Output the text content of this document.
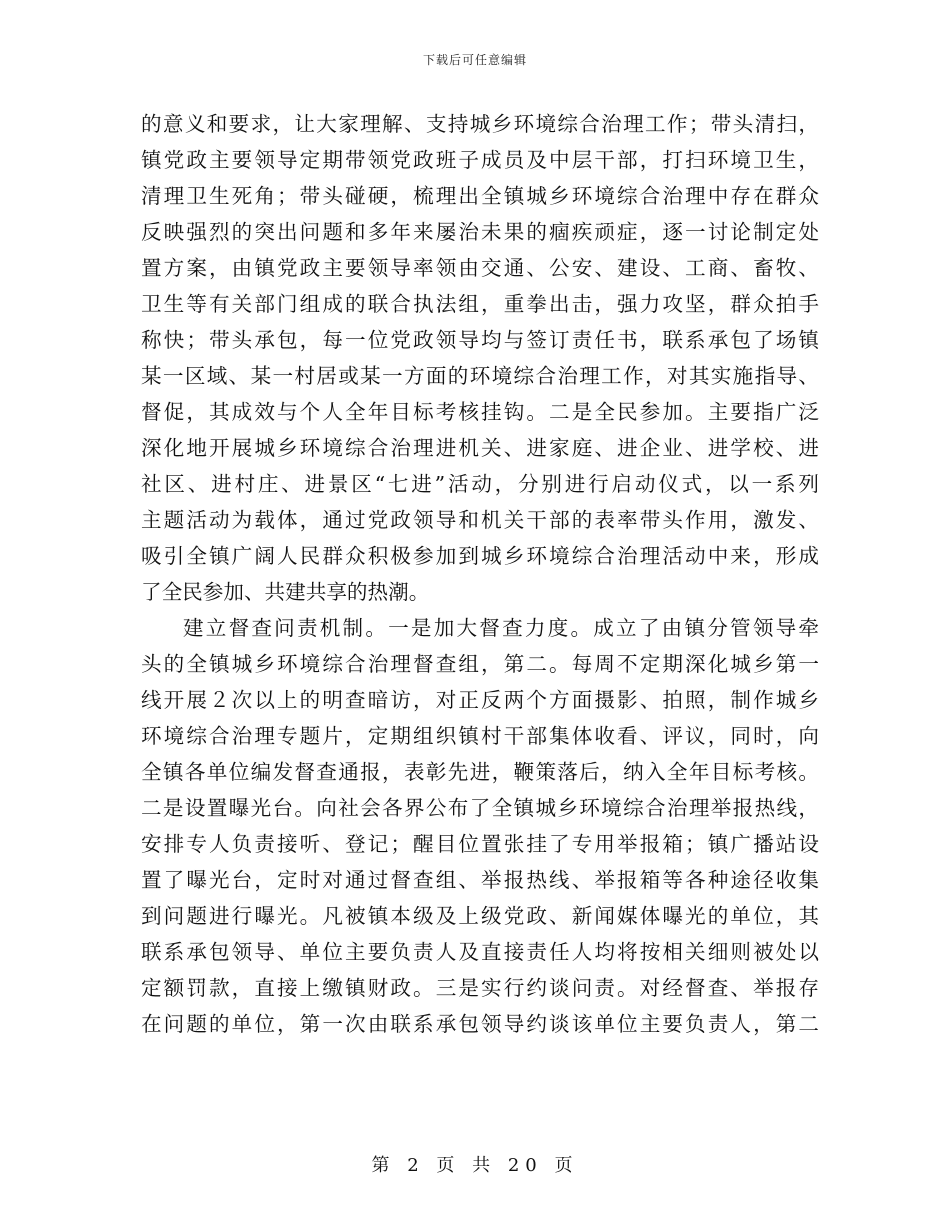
下载后可任意编辑
的意义和要求，让大家理解、支持城乡环境综合治理工作；带头清扫，
镇党政主要领导定期带领党政班子成员及中层干部，打扫环境卫生，
清理卫生死角；带头碰硬，梳理出全镇城乡环境综合治理中存在群众
反映强烈的突出问题和多年来屡治未果的痼疾顽症，逐一讨论制定处
置方案，由镇党政主要领导率领由交通、公安、建设、工商、畜牧、
卫生等有关部门组成的联合执法组，重拳出击，强力攻坚，群众拍手
称快；带头承包，每一位党政领导均与签订责任书，联系承包了场镇
某一区域、某一村居或某一方面的环境综合治理工作，对其实施指导、
督促，其成效与个人全年目标考核挂钩。二是全民参加。主要指广泛
深化地开展城乡环境综合治理进机关、进家庭、进企业、进学校、进
社区、进村庄、进景区“七进”活动，分别进行启动仪式，以一系列
主题活动为载体，通过党政领导和机关干部的表率带头作用，激发、
吸引全镇广阔人民群众积极参加到城乡环境综合治理活动中来，形成
了全民参加、共建共享的热潮。
建立督查问责机制。一是加大督查力度。成立了由镇分管领导牵
头的全镇城乡环境综合治理督查组，第二。每周不定期深化城乡第一
线开展２次以上的明查暗访，对正反两个方面摄影、拍照，制作城乡
环境综合治理专题片，定期组织镇村干部集体收看、评议，同时，向
全镇各单位编发督查通报，表彰先进，鞭策落后，纳入全年目标考核。
二是设置曝光台。向社会各界公布了全镇城乡环境综合治理举报热线，
安排专人负责接听、登记；醒目位置张挂了专用举报箱；镇广播站设
置了曝光台，定时对通过督查组、举报热线、举报箱等各种途径收集
到问题进行曝光。凡被镇本级及上级党政、新闻媒体曝光的单位，其
联系承包领导、单位主要负责人及直接责任人均将按相关细则被处以
定额罚款，直接上缴镇财政。三是实行约谈问责。对经督查、举报存
在问题的单位，第一次由联系承包领导约谈该单位主要负责人，第二
第 2 页 共 20 页
